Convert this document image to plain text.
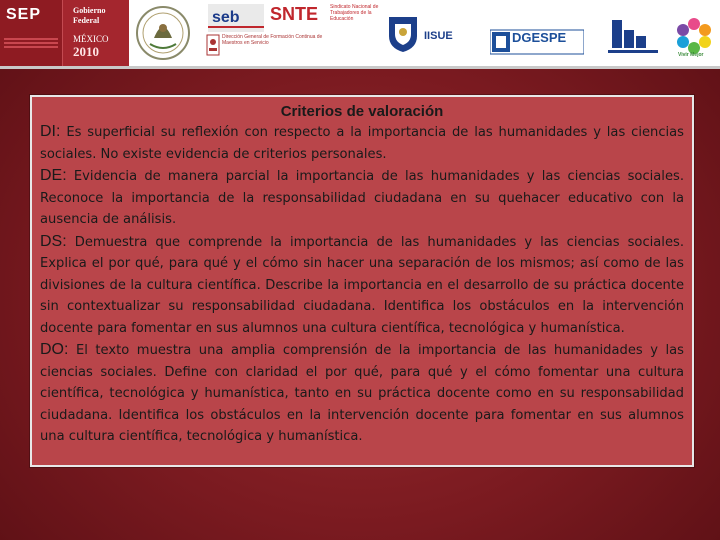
SEP	Gobierno
Federal
MÉXICO
2010
seb SNTE Sindicato Nacional de Trabajadores de la Educación
Dirección General de Formación Continua de Maestros en Servicio
IISUE	DGESPE
Vivir Mejor

Criterios de valoración

DI: Es superficial su reflexión con respecto a la importancia de las humanidades y las ciencias sociales. No existe evidencia de criterios personales.

DE: Evidencia de manera parcial la importancia de las humanidades y las ciencias sociales. Reconoce la importancia de la responsabilidad ciudadana en su quehacer educativo con la ausencia de análisis.

DS: Demuestra que comprende la importancia de las humanidades y las ciencias sociales. Explica el por qué, para qué y el cómo sin hacer una separación de los mismos; así como de las divisiones de la cultura científica. Describe la importancia en el desarrollo de su práctica docente sin contextualizar su responsabilidad ciudadana. Identifica los obstáculos en la intervención docente para fomentar en sus alumnos una cultura científica, tecnológica y humanística.

DO: El texto muestra una amplia comprensión de la importancia de las humanidades y las ciencias sociales. Define con claridad el por qué, para qué y el cómo fomentar una cultura científica, tecnológica y humanística, tanto en su práctica docente como en su responsabilidad ciudadana. Identifica los obstáculos en la intervención docente para fomentar en sus alumnos una cultura científica, tecnológica y humanística.
